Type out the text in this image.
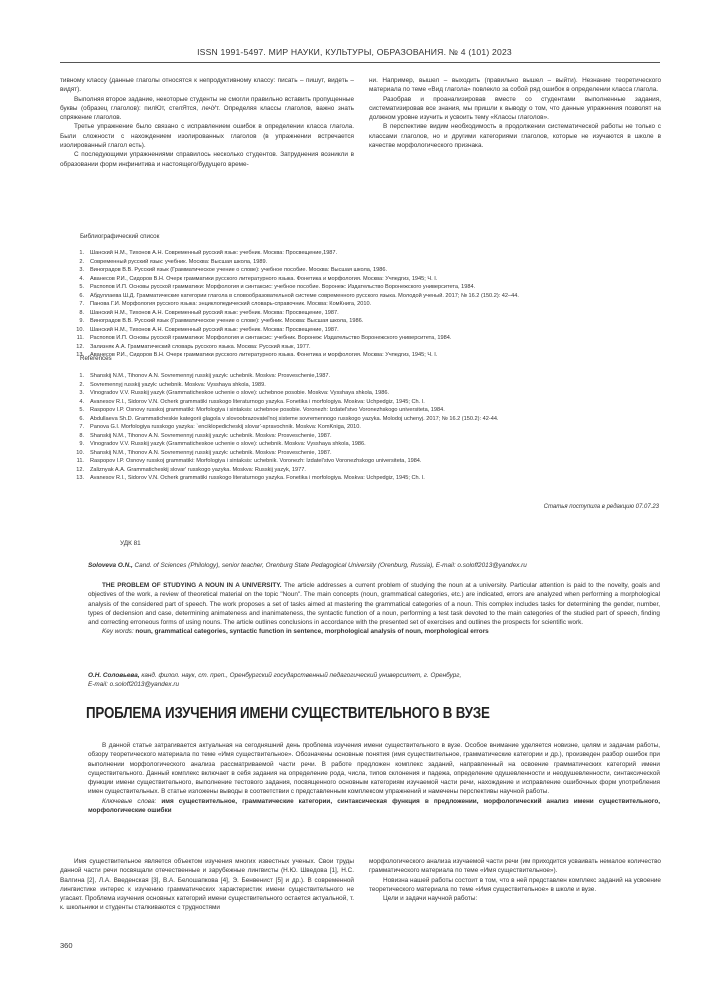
ISSN 1991-5497. МИР НАУКИ, КУЛЬТУРЫ, ОБРАЗОВАНИЯ. № 4 (101) 2023

тивному классу (данные глаголы относятся к непродуктивному классу: писать – пишут, видеть – видят).

Выполняя второе задание, некоторые студенты не смогли правильно вставить пропущенные буквы (образец глаголов): пилЮт, стелЯтся, лечУт. Определяя классы глаголов, важно знать спряжение глаголов.

Третье упражнение было связано с исправлением ошибок в определении класса глагола. Были сложности с нахождением изолированных глаголов (в упражнении встречается изолированный глагол есть).

С последующими упражнениями справилось несколько студентов. Затруднения возникли в образовании форм инфинитива и настоящего/будущего време-

ни. Например, вышел – выходить (правильно вышел – выйти). Незнание теоретического материала по теме «Вид глагола» повлекло за собой ряд ошибок в определении класса глагола.

Разобрав и проанализировав вместе со студентами выполненные задания, систематизировав все знания, мы пришли к выводу о том, что данные упражнения позволят на должном уровне изучить и усвоить тему «Классы глаголов».

В перспективе видим необходимость в продолжении систематической работы не только с классами глаголов, но и другими категориями глаголов, которые не изучаются в школе в качестве морфологического признака.

Библиографический список
1. Шанский Н.М., Тихонов А.Н. Современный русский язык: учебник. Москва: Просвещение,1987.
2. Современный русский язык: учебник. Москва: Высшая школа, 1989.
3. Виноградов В.В. Русский язык (Грамматическое учение о слове): учебное пособие. Москва: Высшая школа, 1986.
4. Аванесов Р.И., Сидоров В.Н. Очерк грамматики русского литературного языка. Фонетика и морфология. Москва: Учпедгиз, 1945; Ч. I.
5. Распопов И.П. Основы русской грамматики: Морфология и синтаксис: учебное пособие. Воронеж: Издательство Воронежского университета, 1984.
6. Абдуллаева Ш.Д. Грамматические категории глагола в словообразовательной системе современного русского языка. Молодой ученый. 2017; № 16.2 (150.2): 42–44.
7. Панова Г.И. Морфология русского языка: энциклопедический словарь-справочник. Москва: КомКнига, 2010.
8. Шанский Н.М., Тихонов А.Н. Современный русский язык: учебник. Москва: Просвещение, 1987.
9. Виноградов В.В. Русский язык (Грамматическое учение о слове): учебник. Москва: Высшая школа, 1986.
10. Шанский Н.М., Тихонов А.Н. Современный русский язык: учебник. Москва: Просвещение, 1987.
11. Распопов И.П. Основы русской грамматики: Морфология и синтаксис: учебник. Воронеж: Издательство Воронежского университета, 1984.
12. Зализняк А.А. Грамматический словарь русского языка. Москва: Русский язык, 1977.
13. Аванесов Р.И., Сидоров В.Н. Очерк грамматики русского литературного языка. Фонетика и морфология. Москва: Учпедгиз, 1945; Ч. I.
References
1. Shanskij N.M., Tihonov A.N. Sovremennyj russkij yazyk: uchebnik. Moskva: Prosveschenie,1987.
2. Sovremennyj russkij yazyk: uchebnik. Moskva: Vysshaya shkola, 1989.
3. Vinogradov V.V. Russkij yazyk (Grammaticheskoe uchenie o slove): uchebnoe posobie. Moskva: Vysshaya shkola, 1986.
4. Avanesov R.I., Sidorov V.N. Ocherk grammatiki russkogo literaturnogo yazyka. Fonetika i morfologiya. Moskva: Uchpedgiz, 1945; Ch. I.
5. Raspopov I.P. Osnovy russkoj grammatiki: Morfologiya i sintaksis: uchebnoe posobie. Voronezh: Izdatel'stvo Voronezhskogo universiteta, 1984.
6. Abdullaeva Sh.D. Grammaticheskie kategorii glagola v slovoobrazovatel'noj sisteme sovremennogo russkogo yazyka. Molodoj uchenyj. 2017; № 16.2 (150.2): 42-44.
7. Panova G.I. Morfologiya russkogo yazyka: `enciklopedicheskij slovar'-spravochnik. Moskva: KomKniga, 2010.
8. Shanskij N.M., Tihonov A.N. Sovremennyj russkij yazyk: uchebnik. Moskva: Prosveschenie, 1987.
9. Vinogradov V.V. Russkij yazyk (Grammaticheskoe uchenie o slove): uchebnik. Moskva: Vysshaya shkola, 1986.
10. Shanskij N.M., Tihonov A.N. Sovremennyj russkij yazyk: uchebnik. Moskva: Prosveschenie, 1987.
11. Raspopov I.P. Osnovy russkoj grammatiki: Morfologiya i sintaksis: uchebnik. Voronezh: Izdatel'stvo Voronezhskogo universiteta, 1984.
12. Zaliznyak A.A. Grammaticheskij slovar' russkogo yazyka. Moskva: Russkij yazyk, 1977.
13. Avanesov R.I., Sidorov V.N. Ocherk grammatiki russkogo literaturnogo yazyka. Fonetika i morfologiya. Moskva: Uchpedgiz, 1945; Ch. I.
Статья поступила в редакцию 07.07.23
УДК 81
Soloveva O.N., Cand. of Sciences (Philology), senior teacher, Orenburg State Pedagogical University (Orenburg, Russia), E-mail: o.soloff2013@yandex.ru

THE PROBLEM OF STUDYING A NOUN IN A UNIVERSITY. The article addresses a current problem of studying the noun at a university. Particular attention is paid to the novelty, goals and objectives of the work, a review of theoretical material on the topic "Noun". The main concepts (noun, grammatical categories, etc.) are indicated, errors are analyzed when performing a morphological analysis of the considered part of speech. The work proposes a set of tasks aimed at mastering the grammatical categories of a noun. This complex includes tasks for determining the gender, number, types of declension and case, determining animateness and inanimateness, the syntactic function of a noun, performing a test task devoted to the main categories of the studied part of speech, finding and correcting erroneous forms of using nouns. The article outlines conclusions in accordance with the presented set of exercises and outlines the prospects for scientific work.

Key words: noun, grammatical categories, syntactic function in sentence, morphological analysis of noun, morphological errors

О.Н. Соловьева, канд. филол. наук, ст. преп., Оренбургский государственный педагогический университет, г. Оренбург,
E-mail: o.soloff2013@yandex.ru
ПРОБЛЕМА ИЗУЧЕНИЯ ИМЕНИ СУЩЕСТВИТЕЛЬНОГО В ВУЗЕ

В данной статье затрагивается актуальная на сегодняшний день проблема изучения имени существительного в вузе. Особое внимание уделяется новизне, целям и задачам работы, обзору теоретического материала по теме «Имя существительное». Обозначены основные понятия (имя существительное, грамматические категории и др.), произведен разбор ошибок при выполнении морфологического анализа рассматриваемой части речи. В работе предложен комплекс заданий, направленный на освоение грамматических категорий имени существительного. Данный комплекс включает в себя задания на определение рода, числа, типов склонения и падежа, определение одушевленности и неодушевленности, синтаксической функции имени существительного, выполнение тестового задания, посвященного основным категориям изучаемой части речи, нахождение и исправление ошибочных форм употребления имен существительных. В статье изложены выводы в соответствии с представленным комплексом упражнений и намечены перспективы научной работы.

Ключевые слова: имя существительное, грамматические категории, синтаксическая функция в предложении, морфологический анализ имени существительного, морфологические ошибки

Имя существительное является объектом изучения многих известных ученых. Свои труды данной части речи посвящали отечественные и зарубежные лингвисты (Н.Ю. Шведова [1], Н.С. Валгина [2], Л.А. Введенская [3], В.А. Белошапкова [4], Э. Бенвенист [5] и др.). В современной лингвистике интерес к изучению грамматических характеристик имени существительного не угасает. Проблема изучения основных категорий имени существительного остается актуальной, т. к. школьники и студенты сталкиваются с трудностями

морфологического анализа изучаемой части речи (им приходится усваивать немалое количество грамматического материала по теме «Имя существительное»).

Новизна нашей работы состоит в том, что в ней представлен комплекс заданий на усвоение теоретического материала по теме «Имя существительное» в школе и вузе.

Цели и задачи научной работы:

360
